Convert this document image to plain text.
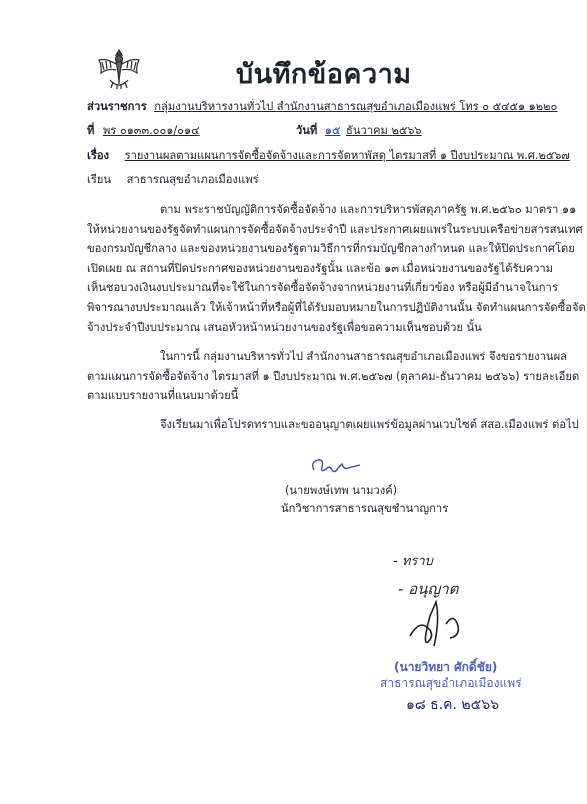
บันทึกข้อความ
ส่วนราชการ กลุ่มงานบริหารงานทั่วไป สำนักงานสาธารณสุขอำเภอเมืองแพร่ โทร ๐ ๕๔๕๑ ๑๒๒๐
ที่ พร ๐๑๓๓.๐๐๑/๐๑๔	วันที่ ๑๕ ธันวาคม ๒๕๖๖
เรื่อง รายงานผลตามแผนการจัดซื้อจัดจ้างและการจัดหาพัสดุ ไตรมาสที่ ๑ ปีงบประมาณ พ.ศ.๒๕๖๗
เรียน สาธารณสุขอำเภอเมืองแพร่
ตาม พระราชบัญญัติการจัดซื้อจัดจ้าง และการบริหารพัสดุภาครัฐ พ.ศ.๒๕๖๐ มาตรา ๑๑
ให้หน่วยงานของรัฐจัดทำแผนการจัดซื้อจัดจ้างประจำปี และประกาศเผยแพร่ในระบบเครือข่ายสารสนเทศ
ของกรมบัญชีกลาง และของหน่วยงานของรัฐตามวิธีการที่กรมบัญชีกลางกำหนด และให้ปิดประกาศโดย
เปิดเผย ณ สถานที่ปิดประกาศของหน่วยงานของรัฐนั้น และข้อ ๑๓ เมื่อหน่วยงานของรัฐได้รับความ
เห็นชอบวงเงินงบประมาณที่จะใช้ในการจัดซื้อจัดจ้างจากหน่วยงานที่เกี่ยวข้อง หรือผู้มีอำนาจในการ
พิจารณางบประมาณแล้ว ให้เจ้าหน้าที่หรือผู้ที่ได้รับมอบหมายในการปฏิบัติงานนั้น จัดทำแผนการจัดซื้อจัด
จ้างประจำปีงบประมาณ เสนอหัวหน้าหน่วยงานของรัฐเพื่อขอความเห็นชอบด้วย นั้น
ในการนี้ กลุ่มงานบริหารทั่วไป สำนักงานสาธารณสุขอำเภอเมืองแพร่ จึงขอรายงานผล
ตามแผนการจัดซื้อจัดจ้าง ไตรมาสที่ ๑ ปีงบประมาณ พ.ศ.๒๕๖๗ (ตุลาคม-ธันวาคม ๒๕๖๖) รายละเอียด
ตามแบบรายงานที่แนบมาด้วยนี้
จึงเรียนมาเพื่อโปรดทราบและขออนุญาตเผยแพร่ข้อมูลผ่านเวบไซต์ สสอ.เมืองแพร่ ต่อไป
(นายพงษ์เทพ นามวงค์)
นักวิชาการสาธารณสุขชำนาญการ
- ทราบ
- อนุญาต
(นายวิทยา ศักดิ์ชัย)
สาธารณสุขอำเภอเมืองแพร่
๑๘ ธ.ค. ๒๕๖๖
